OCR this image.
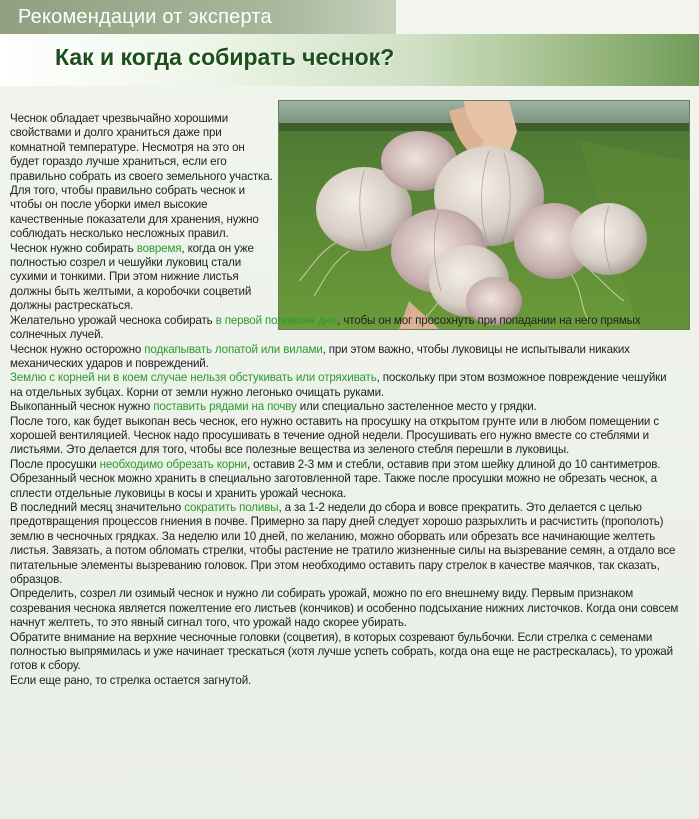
Рекомендации от эксперта
Как и когда собирать чеснок?

Чеснок обладает чрезвычайно хорошими свойствами и долго храниться даже при комнатной температуре. Несмотря на это он будет гораздо лучше храниться, если его правильно собрать из своего земельного участка.

Для того, чтобы правильно собрать чеснок и чтобы он после уборки имел высокие качественные показатели для хранения, нужно соблюдать несколько несложных правил.

Чеснок нужно собирать вовремя, когда он уже полностью созрел и чешуйки луковиц стали сухими и тонкими. При этом нижние листья должны быть желтыми, а коробочки соцветий должны растрескаться.

Желательно урожай чеснока собирать в первой половине дня, чтобы он мог просохнуть при попадании на него прямых солнечных лучей.

Чеснок нужно осторожно подкапывать лопатой или вилами, при этом важно, чтобы луковицы не испытывали никаких механических ударов и повреждений.

Землю с корней ни в коем случае нельзя обстукивать или отряхивать, поскольку при этом возможное повреждение чешуйки на отдельных зубцах. Корни от земли нужно легонько очищать руками.

Выкопанный чеснок нужно поставить рядами на почву или специально застеленное место у грядки.

После того, как будет выкопан весь чеснок, его нужно оставить на просушку на открытом грунте или в любом помещении с хорошей вентиляцией. Чеснок надо просушивать в течение одной недели. Просушивать его нужно вместе со стеблями и листьями. Это делается для того, чтобы все полезные вещества из зеленого стебля перешли в луковицы.

После просушки необходимо обрезать корни, оставив 2-3 мм и стебли, оставив при этом шейку длиной до 10 сантиметров. Обрезанный чеснок можно хранить в специально заготовленной таре. Также после просушки можно не обрезать чеснок, а сплести отдельные луковицы в косы и хранить урожай чеснока.

В последний месяц значительно сократить поливы, а за 1-2 недели до сбора и вовсе прекратить. Это делается с целью предотвращения процессов гниения в почве. Примерно за пару дней следует хорошо разрыхлить и расчистить (прополоть) землю в чесночных грядках. За неделю или 10 дней, по желанию, можно оборвать или обрезать все начинающие желтеть листья. Завязать, а потом обломать стрелки, чтобы растение не тратило жизненные силы на вызревание семян, а отдало все питательные элементы вызреванию головок. При этом необходимо оставить пару стрелок в качестве маячков, так сказать, образцов.

Определить, созрел ли озимый чеснок и нужно ли собирать урожай, можно по его внешнему виду. Первым признаком созревания чеснока является пожелтение его листьев (кончиков) и особенно подсыхание нижних листочков. Когда они совсем начнут желтеть, то это явный сигнал того, что урожай надо скорее убирать.

Обратите внимание на верхние чесночные головки (соцветия), в которых созревают бульбочки. Если стрелка с семенами полностью выпрямилась и уже начинает трескаться (хотя лучше успеть собрать, когда она еще не растрескалась), то урожай готов к сбору.

Если еще рано, то стрелка остается загнутой.
